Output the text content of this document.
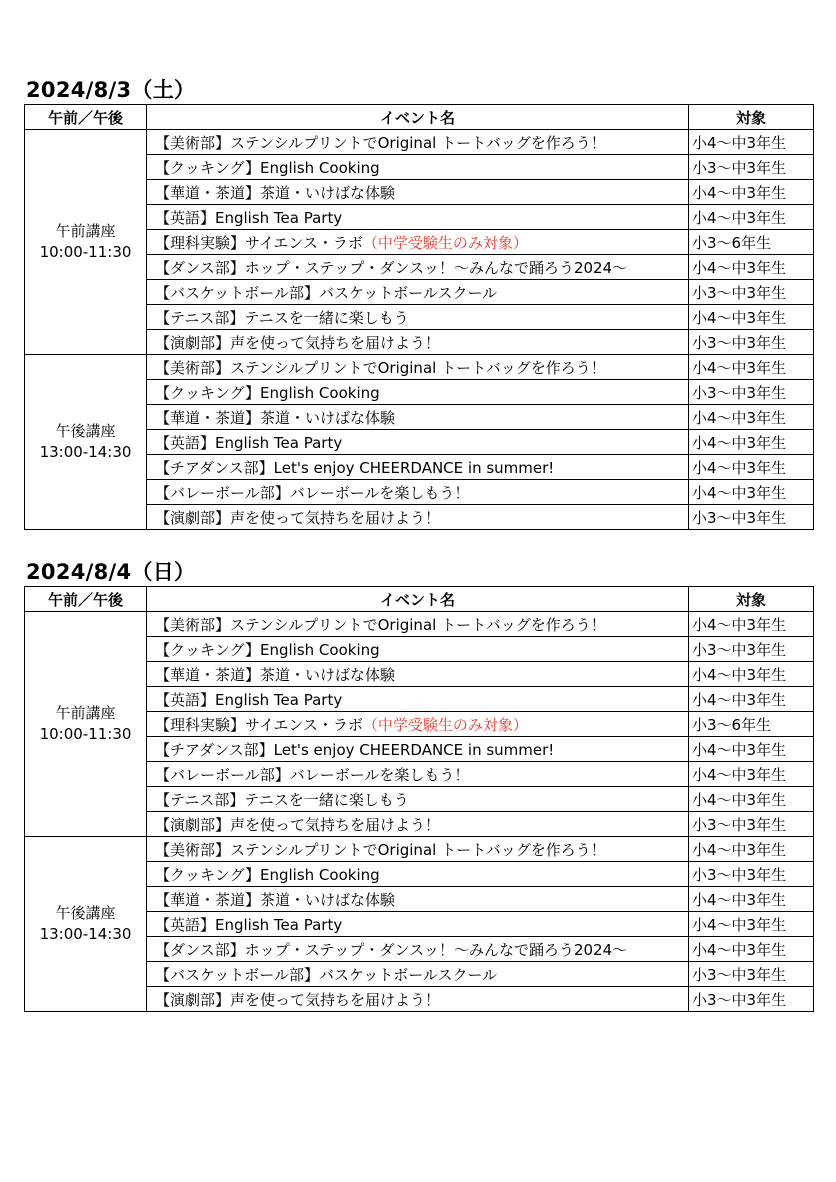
2024/8/3（土）
午前／午後	イベント名	対象

午前講座
10:00-11:30	【美術部】ステンシルプリントでOriginal トートバッグを作ろう！	小4～中3年生
	【クッキング】English Cooking	小3～中3年生
	【華道・茶道】茶道・いけばな体験	小4～中3年生
	【英語】English Tea Party	小4～中3年生
	【理科実験】サイエンス・ラボ（中学受験生のみ対象）	小3～6年生
	【ダンス部】ホップ・ステップ・ダンスッ！～みんなで踊ろう2024～	小4～中3年生
	【バスケットボール部】バスケットボールスクール	小3～中3年生
	【テニス部】テニスを一緒に楽しもう	小4～中3年生
	【演劇部】声を使って気持ちを届けよう！	小3～中3年生

午後講座
13:00-14:30	【美術部】ステンシルプリントでOriginal トートバッグを作ろう！	小4～中3年生
	【クッキング】English Cooking	小3～中3年生
	【華道・茶道】茶道・いけばな体験	小4～中3年生
	【英語】English Tea Party	小4～中3年生
	【チアダンス部】Let's enjoy CHEERDANCE in summer!	小4～中3年生
	【バレーボール部】バレーボールを楽しもう！	小4～中3年生
	【演劇部】声を使って気持ちを届けよう！	小3～中3年生
2024/8/4（日）
午前／午後	イベント名	対象

午前講座
10:00-11:30	【美術部】ステンシルプリントでOriginal トートバッグを作ろう！	小4～中3年生
	【クッキング】English Cooking	小3～中3年生
	【華道・茶道】茶道・いけばな体験	小4～中3年生
	【英語】English Tea Party	小4～中3年生
	【理科実験】サイエンス・ラボ（中学受験生のみ対象）	小3～6年生
	【チアダンス部】Let's enjoy CHEERDANCE in summer!	小4～中3年生
	【バレーボール部】バレーボールを楽しもう！	小4～中3年生
	【テニス部】テニスを一緒に楽しもう	小4～中3年生
	【演劇部】声を使って気持ちを届けよう！	小3～中3年生

午後講座
13:00-14:30	【美術部】ステンシルプリントでOriginal トートバッグを作ろう！	小4～中3年生
	【クッキング】English Cooking	小3～中3年生
	【華道・茶道】茶道・いけばな体験	小4～中3年生
	【英語】English Tea Party	小4～中3年生
	【ダンス部】ホップ・ステップ・ダンスッ！～みんなで踊ろう2024～	小4～中3年生
	【バスケットボール部】バスケットボールスクール	小3～中3年生
	【演劇部】声を使って気持ちを届けよう！	小3～中3年生
